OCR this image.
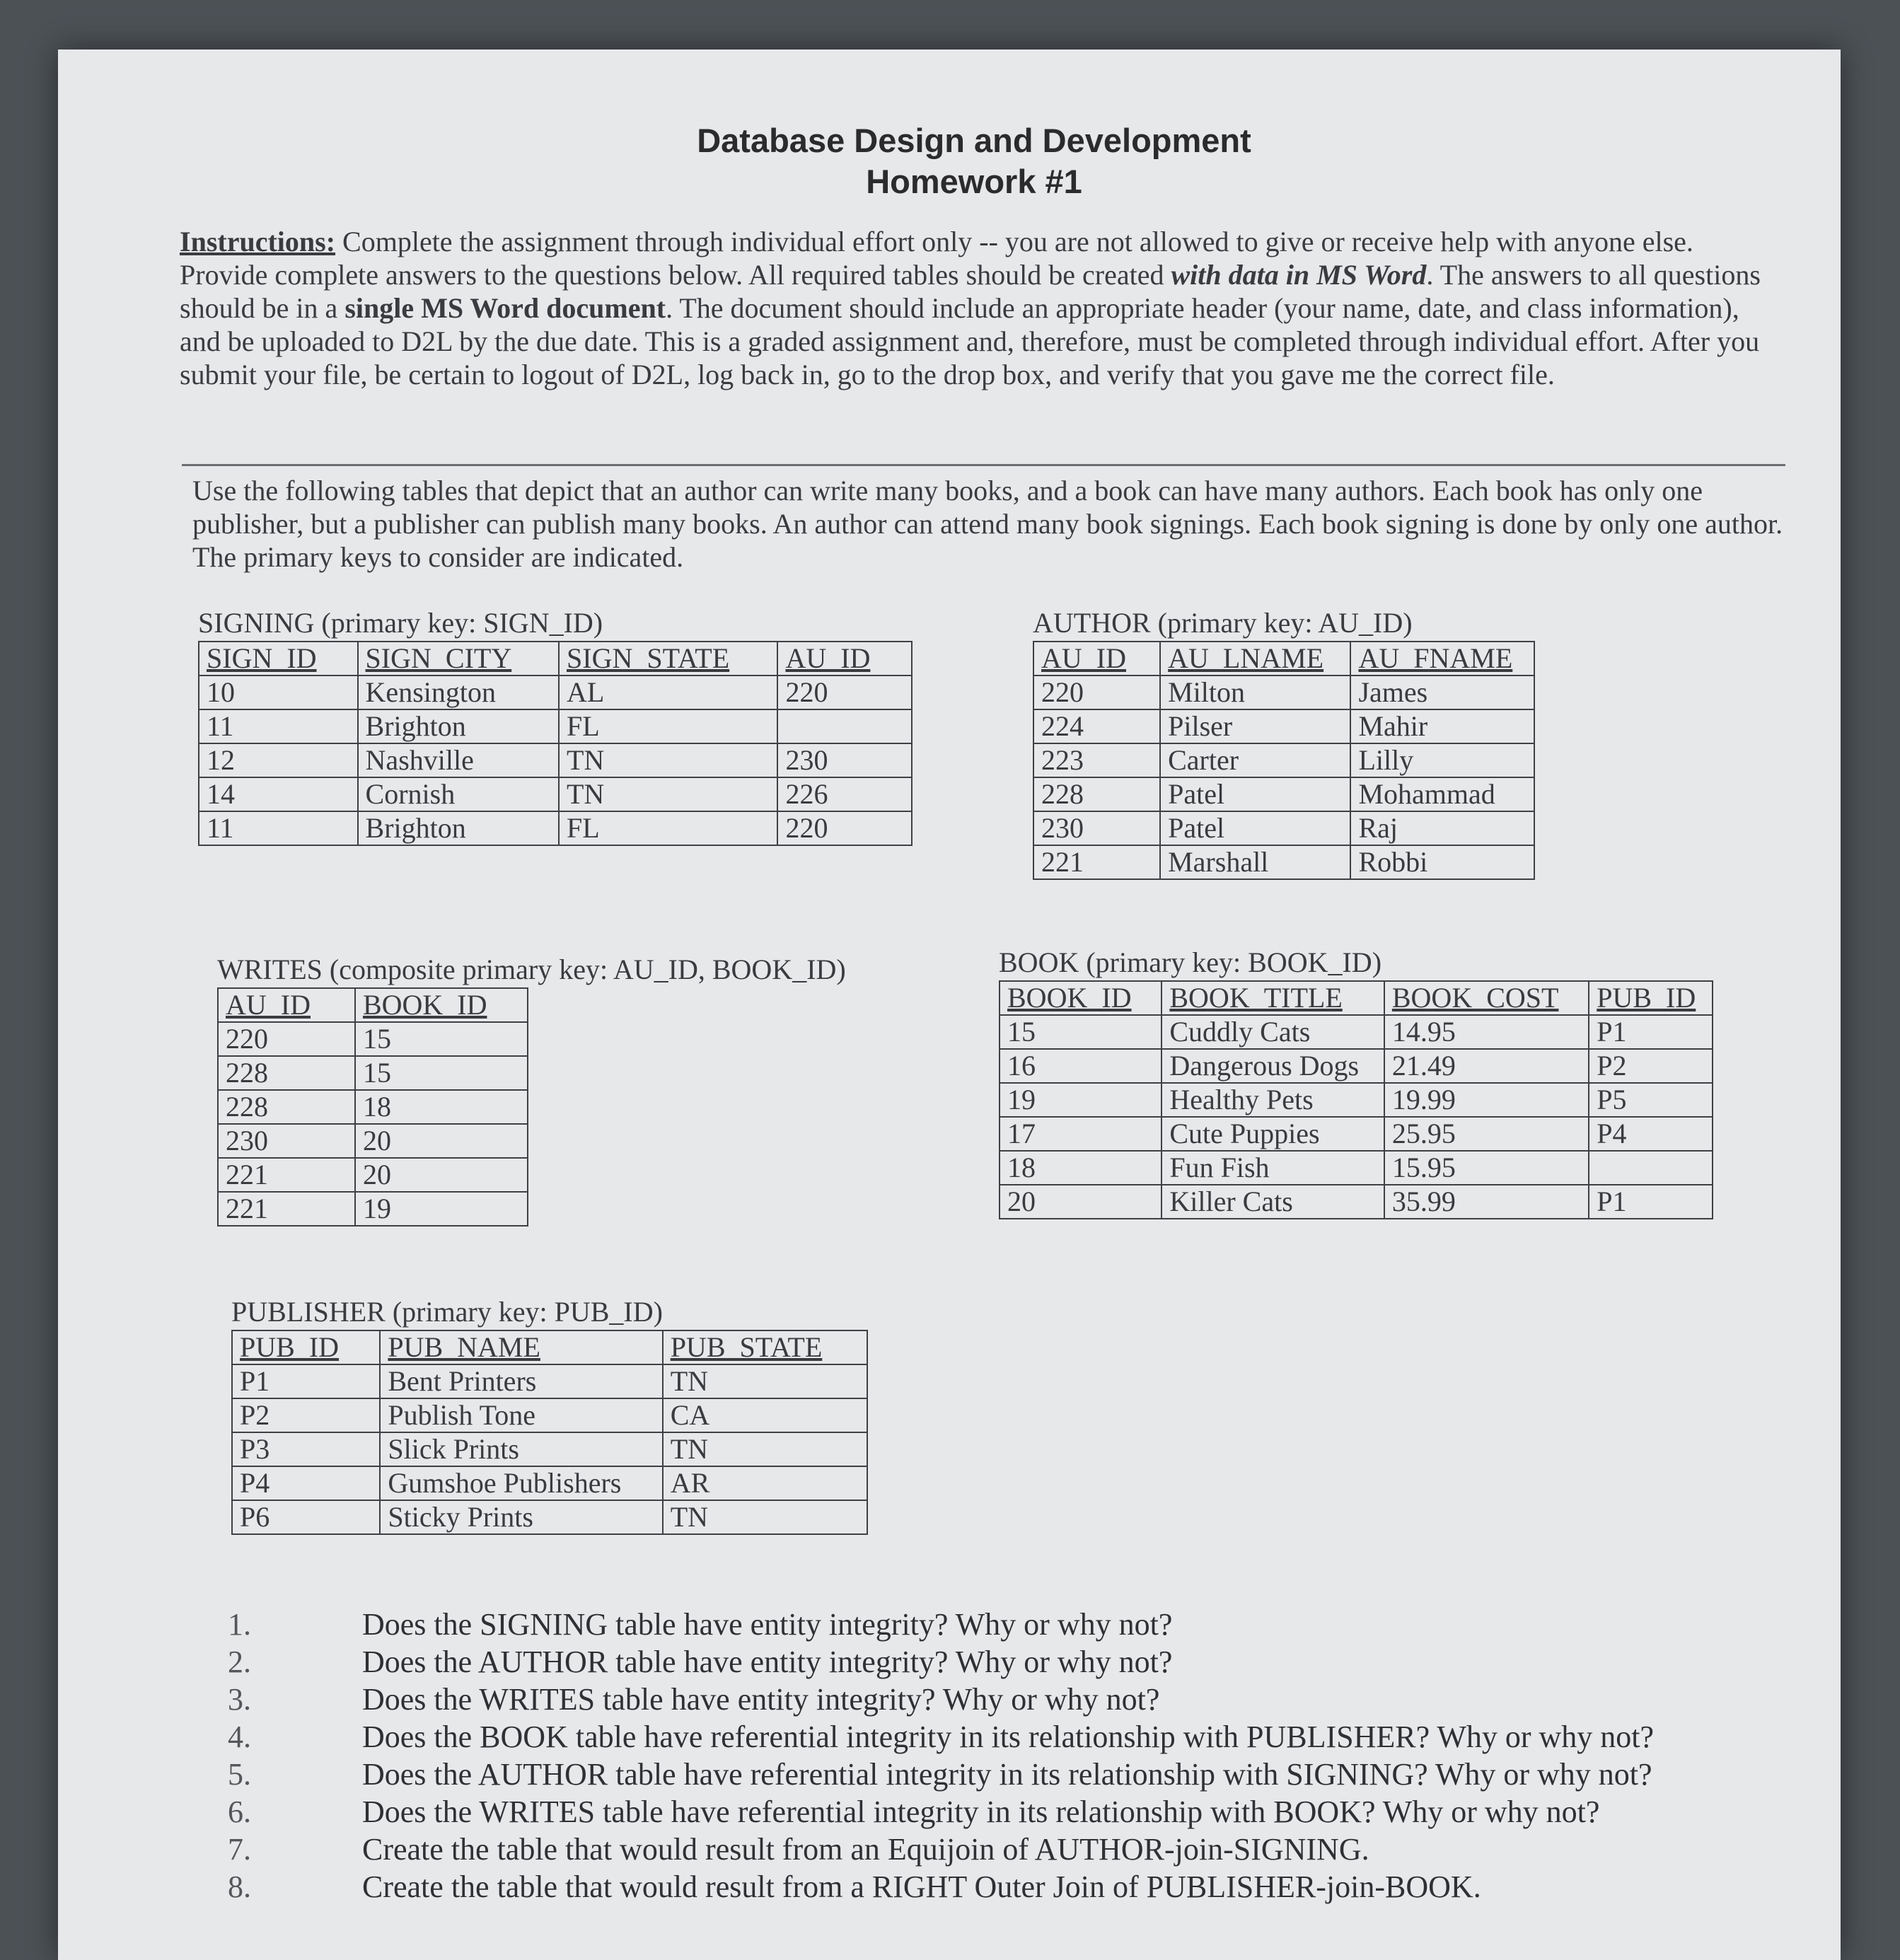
Database Design and Development
Homework #1
Instructions: Complete the assignment through individual effort only -- you are not allowed to give or receive help with anyone else. Provide complete answers to the questions below. All required tables should be created with data in MS Word. The answers to all questions should be in a single MS Word document. The document should include an appropriate header (your name, date, and class information), and be uploaded to D2L by the due date. This is a graded assignment and, therefore, must be completed through individual effort. After you submit your file, be certain to logout of D2L, log back in, go to the drop box, and verify that you gave me the correct file.
Use the following tables that depict that an author can write many books, and a book can have many authors. Each book has only one publisher, but a publisher can publish many books. An author can attend many book signings. Each book signing is done by only one author. The primary keys to consider are indicated.
SIGNING (primary key: SIGN_ID)
SIGN_ID	SIGN_CITY	SIGN_STATE	AU_ID
10	Kensington	AL	220
11	Brighton	FL	
12	Nashville	TN	230
14	Cornish	TN	226
11	Brighton	FL	220
AUTHOR (primary key: AU_ID)
AU_ID	AU_LNAME	AU_FNAME
220	Milton	James
224	Pilser	Mahir
223	Carter	Lilly
228	Patel	Mohammad
230	Patel	Raj
221	Marshall	Robbi
WRITES (composite primary key: AU_ID, BOOK_ID)
AU_ID	BOOK_ID
220	15
228	15
228	18
230	20
221	20
221	19
BOOK (primary key: BOOK_ID)
BOOK_ID	BOOK_TITLE	BOOK_COST	PUB_ID
15	Cuddly Cats	14.95	P1
16	Dangerous Dogs	21.49	P2
19	Healthy Pets	19.99	P5
17	Cute Puppies	25.95	P4
18	Fun Fish	15.95	
20	Killer Cats	35.99	P1
PUBLISHER (primary key: PUB_ID)
PUB_ID	PUB_NAME	PUB_STATE
P1	Bent Printers	TN
P2	Publish Tone	CA
P3	Slick Prints	TN
P4	Gumshoe Publishers	AR
P6	Sticky Prints	TN
1.	Does the SIGNING table have entity integrity? Why or why not?
2.	Does the AUTHOR table have entity integrity? Why or why not?
3.	Does the WRITES table have entity integrity? Why or why not?
4.	Does the BOOK table have referential integrity in its relationship with PUBLISHER? Why or why not?
5.	Does the AUTHOR table have referential integrity in its relationship with SIGNING? Why or why not?
6.	Does the WRITES table have referential integrity in its relationship with BOOK? Why or why not?
7.	Create the table that would result from an Equijoin of AUTHOR-join-SIGNING.
8.	Create the table that would result from a RIGHT Outer Join of PUBLISHER-join-BOOK.
